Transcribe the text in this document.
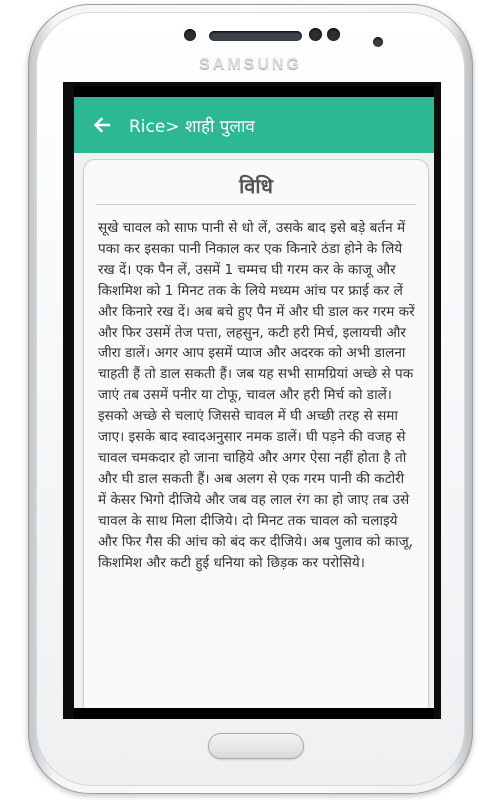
SAMSUNG
Rice> शाही पुलाव
विधि
सूखे चावल को साफ पानी से धो लें, उसके बाद इसे बड़े बर्तन में पका कर इसका पानी निकाल कर एक किनारे ठंडा होने के लिये रख दें। एक पैन लें, उसमें 1 चम्मच घी गरम कर के काजू और किशमिश को 1 मिनट तक के लिये मध्यम आंच पर फ्राई कर लें और किनारे रख दें। अब बचे हुए पैन में और घी डाल कर गरम करें और फिर उसमें तेज पत्ता, लहसुन, कटी हरी मिर्च, इलायची और जीरा डालें। अगर आप इसमें प्याज और अदरक को अभी डालना चाहती हैं तो डाल सकती हैं। जब यह सभी सामग्रियां अच्छे से पक जाएं तब उसमें पनीर या टोफू, चावल और हरी मिर्च को डालें। इसको अच्छे से चलाएं जिससे चावल में घी अच्छी तरह से समा जाए। इसके बाद स्वादअनुसार नमक डालें। घी पड़ने की वजह से चावल चमकदार हो जाना चाहिये और अगर ऐसा नहीं होता है तो और घी डाल सकती हैं। अब अलग से एक गरम पानी की कटोरी में केसर भिगो दीजिये और जब वह लाल रंग का हो जाए तब उसे चावल के साथ मिला दीजिये। दो मिनट तक चावल को चलाइये और फिर गैस की आंच को बंद कर दीजिये। अब पुलाव को काजू, किशमिश और कटी हुई धनिया को छिड़क कर परोसिये।
